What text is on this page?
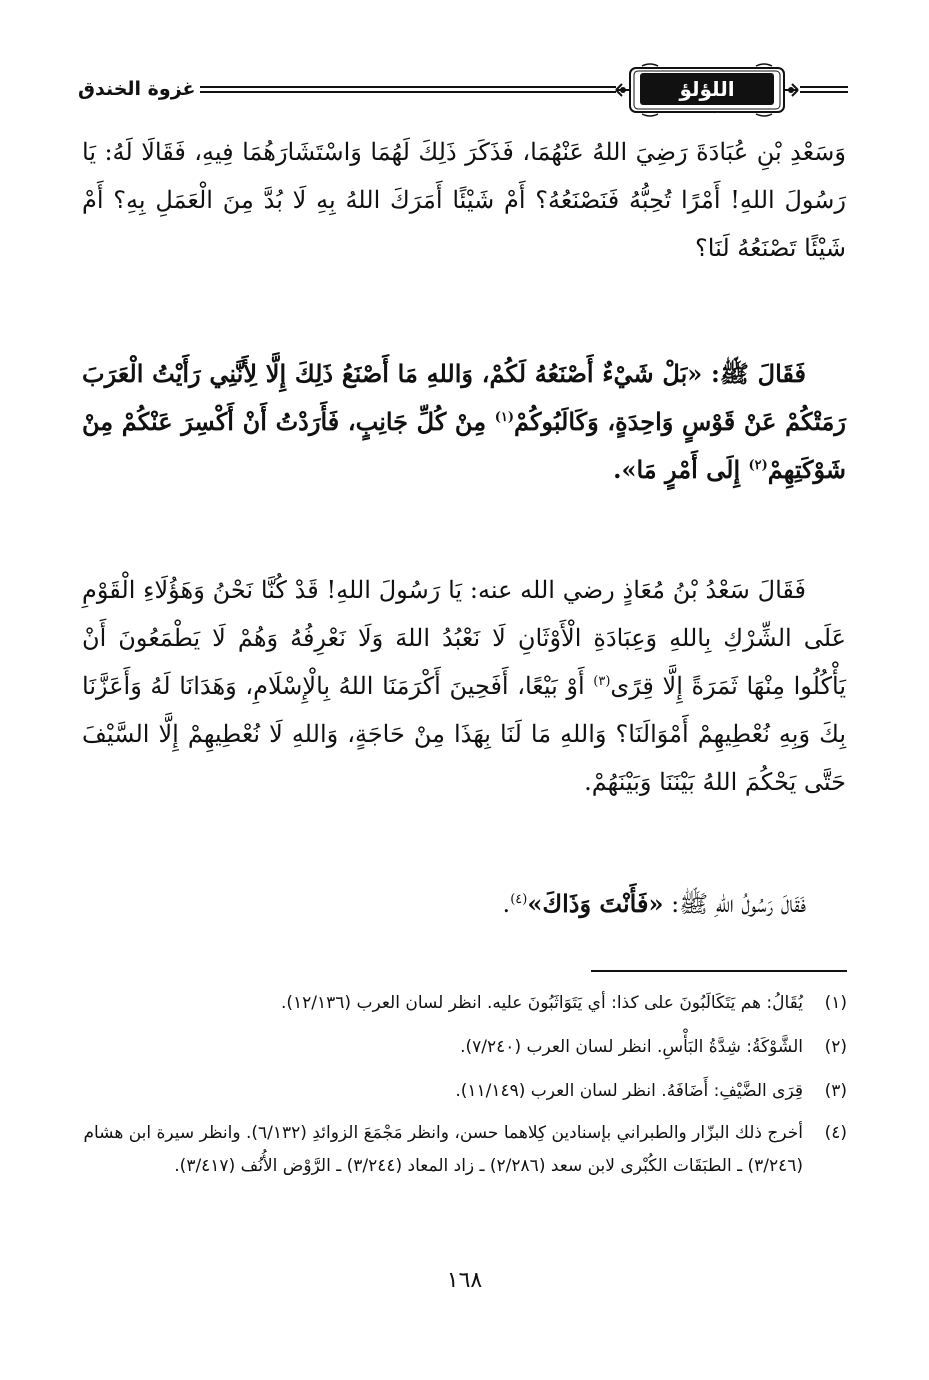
اللؤلؤ المكنون
غزوة الخندق
وَسَعْدِ بْنِ عُبَادَةَ رَضِيَ اللهُ عَنْهُمَا، فَذَكَرَ ذَلِكَ لَهُمَا وَاسْتَشَارَهُمَا فِيهِ، فَقَالَا لَهُ: يَا رَسُولَ اللهِ! أَمْرًا تُحِبُّهُ فَنَصْنَعُهُ؟ أَمْ شَيْئًا أَمَرَكَ اللهُ بِهِ لَا بُدَّ مِنَ الْعَمَلِ بِهِ؟ أَمْ شَيْئًا تَصْنَعُهُ لَنَا؟
فَقَالَ ﷺ: «بَلْ شَيْءٌ أَصْنَعُهُ لَكُمْ، وَاللهِ مَا أَصْنَعُ ذَلِكَ إِلَّا لِأَنَّنِي رَأَيْتُ الْعَرَبَ رَمَتْكُمْ عَنْ قَوْسٍ وَاحِدَةٍ، وَكَالَبُوكُمْ$^{(١)}$ مِنْ كُلِّ جَانِبٍ، فَأَرَدْتُ أَنْ أَكْسِرَ عَنْكُمْ مِنْ شَوْكَتِهِمْ$^{(٢)}$ إِلَى أَمْرٍ مَا».
فَقَالَ سَعْدُ بْنُ مُعَاذٍ رضي الله عنه: يَا رَسُولَ اللهِ! قَدْ كُنَّا نَحْنُ وَهَؤُلَاءِ الْقَوْمِ عَلَى الشِّرْكِ بِاللهِ وَعِبَادَةِ الْأَوْثَانِ لَا نَعْبُدُ اللهَ وَلَا نَعْرِفُهُ وَهُمْ لَا يَطْمَعُونَ أَنْ يَأْكُلُوا مِنْهَا ثَمَرَةً إِلَّا قِرًى$^{(٣)}$ أَوْ بَيْعًا، أَفَحِينَ أَكْرَمَنَا اللهُ بِالْإِسْلَامِ، وَهَدَانَا لَهُ وَأَعَزَّنَا بِكَ وَبِهِ نُعْطِيهِمْ أَمْوَالَنَا؟ وَاللهِ مَا لَنَا بِهَذَا مِنْ حَاجَةٍ، وَاللهِ لَا نُعْطِيهِمْ إِلَّا السَّيْفَ حَتَّى يَحْكُمَ اللهُ بَيْنَنَا وَبَيْنَهُمْ.
فَقَالَ رَسُولُ اللهِ ﷺ: «فَأَنْتَ وَذَاكَ»$^{(٤)}$.
(١)
يُقَالُ: هم يَتَكَالَبُونَ على كذا: أي يَتَوَاثَبُونَ عليه. انظر لسان العرب (١٢/١٣٦).
(٢)
الشَّوْكَةُ: شِدَّةُ البَأْسِ. انظر لسان العرب (٧/٢٤٠).
(٣)
قِرَى الضَّيْفِ: أَضَافَهُ. انظر لسان العرب (١١/١٤٩).
(٤)
أخرج ذلك البزّار والطبراني بإسنادين كِلاهما حسن، وانظر مَجْمَعَ الزوائدِ (٦/١٣٢). وانظر سيرة ابن هشام (٣/٢٤٦) ـ الطبَقَات الكُبْرى لابن سعد (٢/٢٨٦) ـ زاد المعاد (٣/٢٤٤) ـ الرَّوْض الأُنُف (٣/٤١٧).
١٦٨
